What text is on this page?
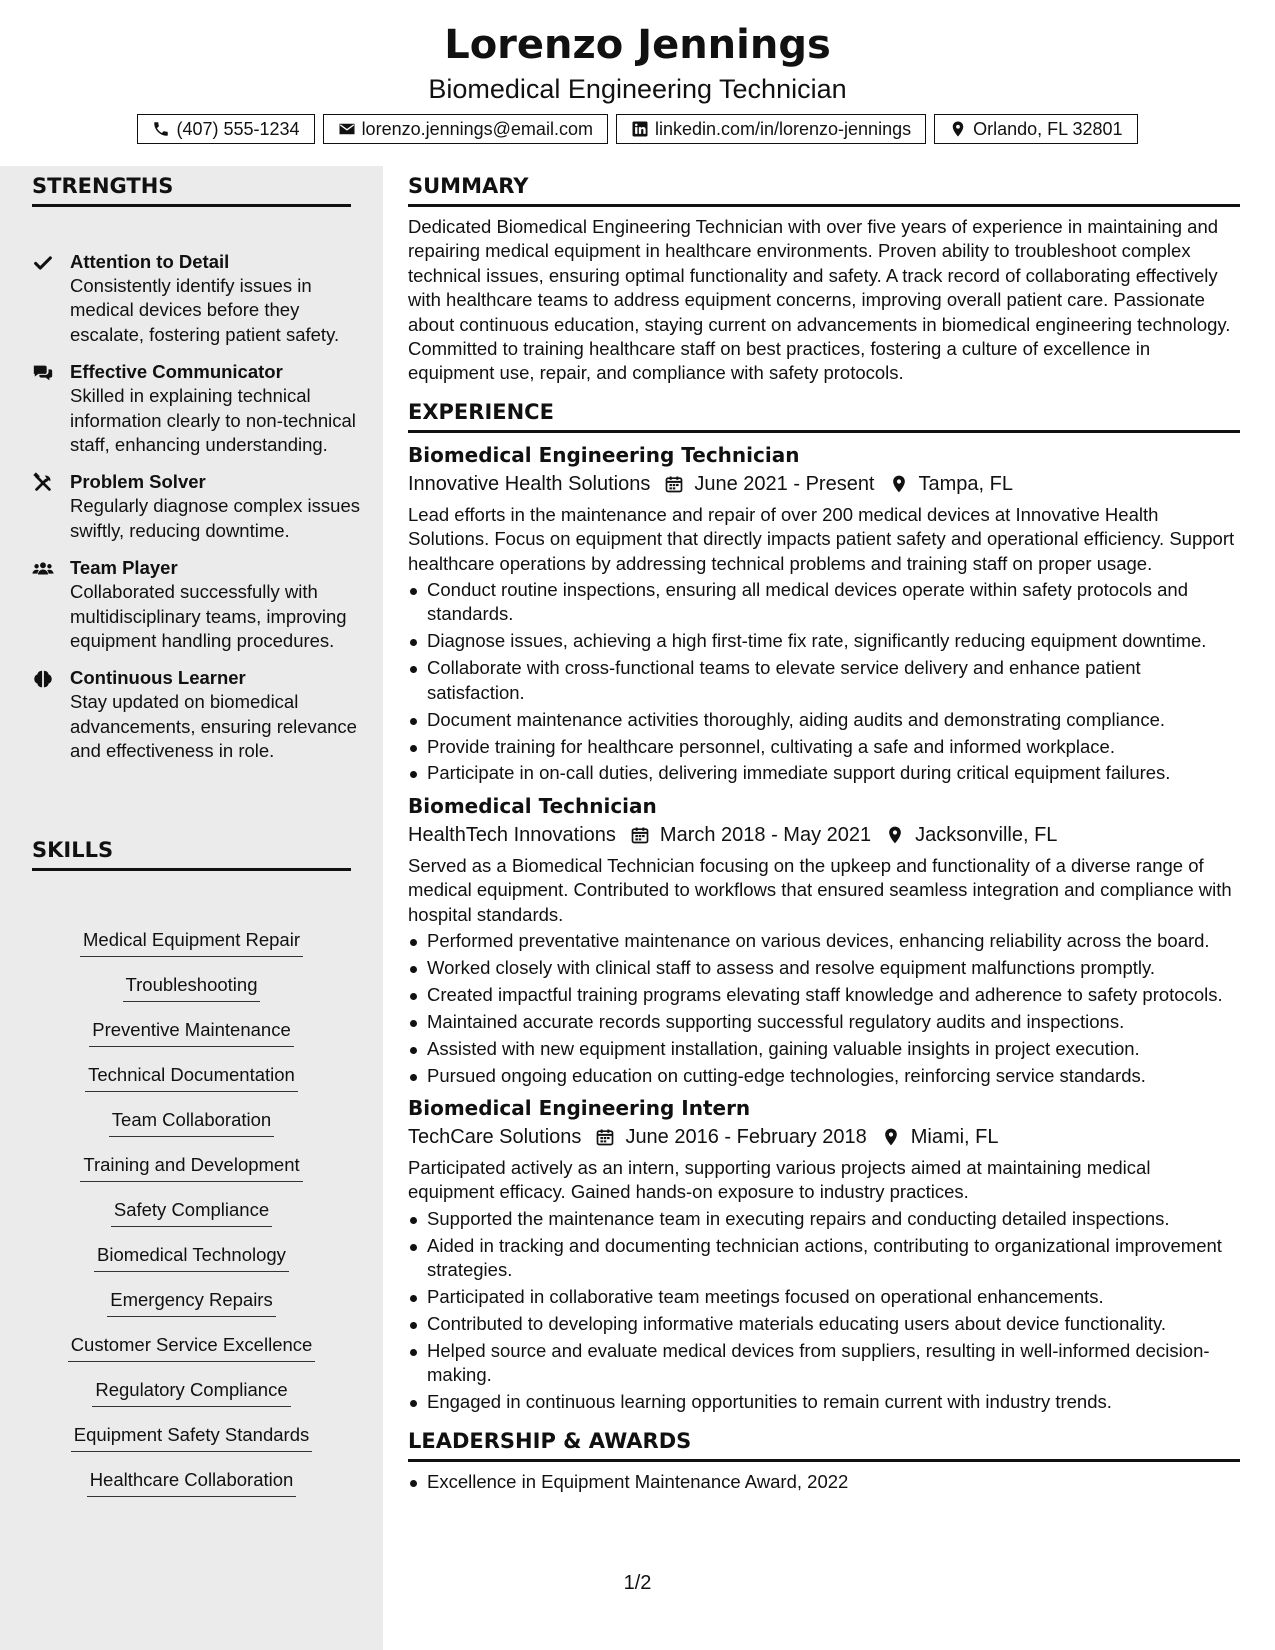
Lorenzo Jennings
Biomedical Engineering Technician
(407) 555-1234	lorenzo.jennings@email.com	linkedin.com/in/lorenzo-jennings	Orlando, FL 32801
STRENGTHS
Attention to Detail
Consistently identify issues in medical devices before they escalate, fostering patient safety.
Effective Communicator
Skilled in explaining technical information clearly to non-technical staff, enhancing understanding.
Problem Solver
Regularly diagnose complex issues swiftly, reducing downtime.
Team Player
Collaborated successfully with multidisciplinary teams, improving equipment handling procedures.
Continuous Learner
Stay updated on biomedical advancements, ensuring relevance and effectiveness in role.
SKILLS
Medical Equipment Repair
Troubleshooting
Preventive Maintenance
Technical Documentation
Team Collaboration
Training and Development
Safety Compliance
Biomedical Technology
Emergency Repairs
Customer Service Excellence
Regulatory Compliance
Equipment Safety Standards
Healthcare Collaboration
SUMMARY
Dedicated Biomedical Engineering Technician with over five years of experience in maintaining and repairing medical equipment in healthcare environments. Proven ability to troubleshoot complex technical issues, ensuring optimal functionality and safety. A track record of collaborating effectively with healthcare teams to address equipment concerns, improving overall patient care. Passionate about continuous education, staying current on advancements in biomedical engineering technology. Committed to training healthcare staff on best practices, fostering a culture of excellence in equipment use, repair, and compliance with safety protocols.
EXPERIENCE
Biomedical Engineering Technician
Innovative Health Solutions June 2021 - Present Tampa, FL
Lead efforts in the maintenance and repair of over 200 medical devices at Innovative Health Solutions. Focus on equipment that directly impacts patient safety and operational efficiency. Support healthcare operations by addressing technical problems and training staff on proper usage.
Conduct routine inspections, ensuring all medical devices operate within safety protocols and standards.
Diagnose issues, achieving a high first-time fix rate, significantly reducing equipment downtime.
Collaborate with cross-functional teams to elevate service delivery and enhance patient satisfaction.
Document maintenance activities thoroughly, aiding audits and demonstrating compliance.
Provide training for healthcare personnel, cultivating a safe and informed workplace.
Participate in on-call duties, delivering immediate support during critical equipment failures.
Biomedical Technician
HealthTech Innovations March 2018 - May 2021 Jacksonville, FL
Served as a Biomedical Technician focusing on the upkeep and functionality of a diverse range of medical equipment. Contributed to workflows that ensured seamless integration and compliance with hospital standards.
Performed preventative maintenance on various devices, enhancing reliability across the board.
Worked closely with clinical staff to assess and resolve equipment malfunctions promptly.
Created impactful training programs elevating staff knowledge and adherence to safety protocols.
Maintained accurate records supporting successful regulatory audits and inspections.
Assisted with new equipment installation, gaining valuable insights in project execution.
Pursued ongoing education on cutting-edge technologies, reinforcing service standards.
Biomedical Engineering Intern
TechCare Solutions June 2016 - February 2018 Miami, FL
Participated actively as an intern, supporting various projects aimed at maintaining medical equipment efficacy. Gained hands-on exposure to industry practices.
Supported the maintenance team in executing repairs and conducting detailed inspections.
Aided in tracking and documenting technician actions, contributing to organizational improvement strategies.
Participated in collaborative team meetings focused on operational enhancements.
Contributed to developing informative materials educating users about device functionality.
Helped source and evaluate medical devices from suppliers, resulting in well-informed decision-making.
Engaged in continuous learning opportunities to remain current with industry trends.
LEADERSHIP & AWARDS
Excellence in Equipment Maintenance Award, 2022
1/2
